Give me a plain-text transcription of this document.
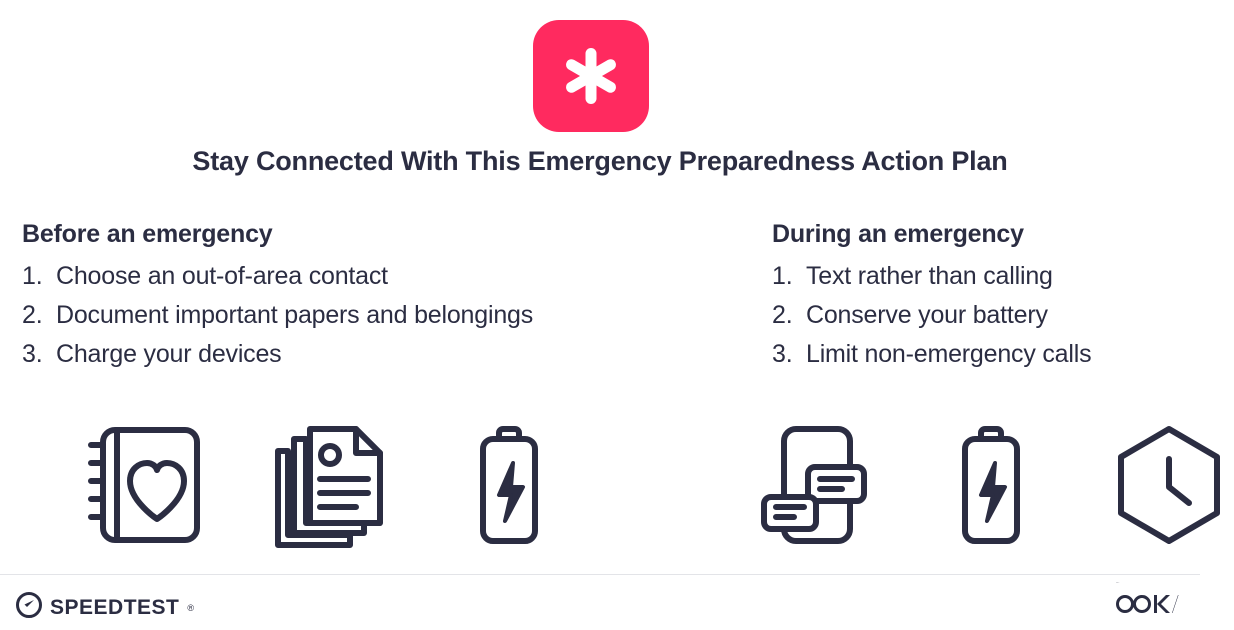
Stay Connected With This Emergency Preparedness Action Plan
Before an emergency
1. Choose an out-of-area contact
2. Document important papers and belongings
3. Charge your devices
During an emergency
1. Text rather than calling
2. Conserve your battery
3. Limit non-emergency calls
SPEEDTEST ®
OOKLA
